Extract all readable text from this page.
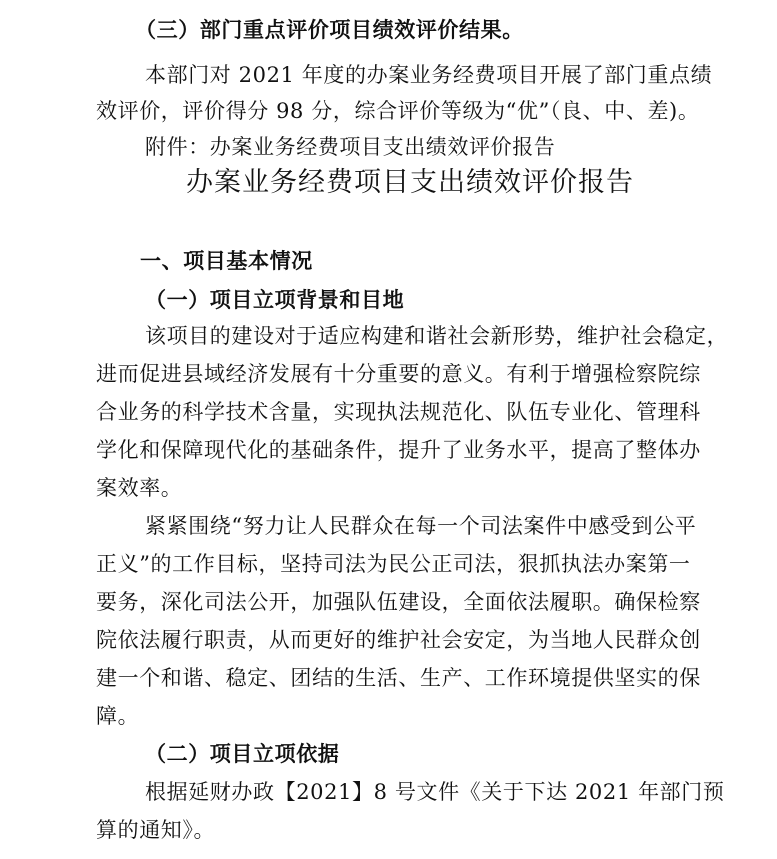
（三）部门重点评价项目绩效评价结果。

本部门对 2021 年度的办案业务经费项目开展了部门重点绩

效评价，评价得分 98 分，综合评价等级为“优”（良、中、差)。

附件：办案业务经费项目支出绩效评价报告

办案业务经费项目支出绩效评价报告

一、项目基本情况

（一）项目立项背景和目地

该项目的建设对于适应构建和谐社会新形势，维护社会稳定，

进而促进县域经济发展有十分重要的意义。有利于增强检察院综

合业务的科学技术含量，实现执法规范化、队伍专业化、管理科

学化和保障现代化的基础条件，提升了业务水平，提高了整体办

案效率。

紧紧围绕“努力让人民群众在每一个司法案件中感受到公平

正义”的工作目标，坚持司法为民公正司法，狠抓执法办案第一

要务，深化司法公开，加强队伍建设，全面依法履职。确保检察

院依法履行职责，从而更好的维护社会安定，为当地人民群众创

建一个和谐、稳定、团结的生活、生产、工作环境提供坚实的保

障。

（二）项目立项依据

根据延财办政【2021】8 号文件《关于下达 2021 年部门预

算的通知》。
